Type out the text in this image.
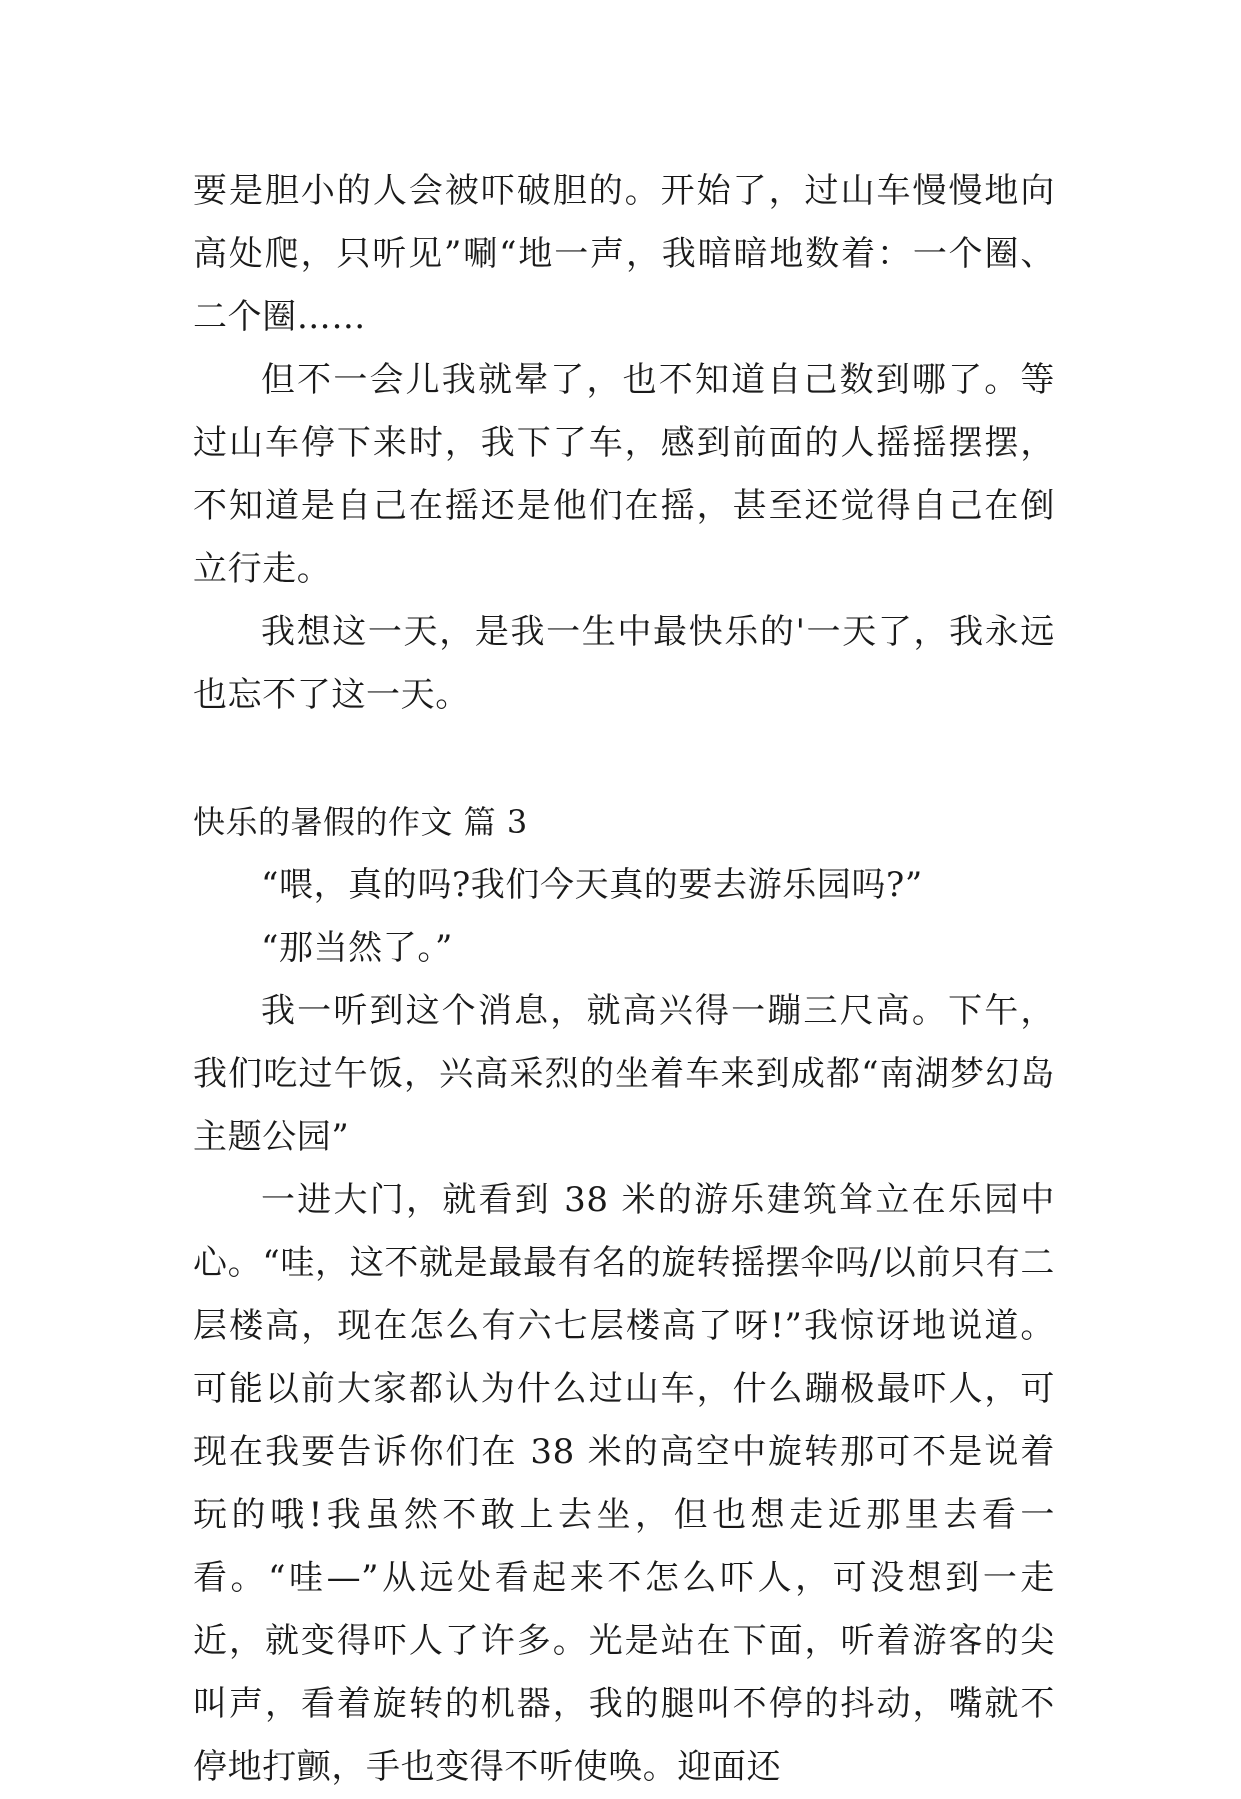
要是胆小的人会被吓破胆的。开始了，过山车慢慢地向高处爬，只听见”唰“地一声，我暗暗地数着：一个圈、二个圈……

但不一会儿我就晕了，也不知道自己数到哪了。等过山车停下来时，我下了车，感到前面的人摇摇摆摆，不知道是自己在摇还是他们在摇，甚至还觉得自己在倒立行走。

我想这一天，是我一生中最快乐的'一天了，我永远也忘不了这一天。

快乐的暑假的作文 篇 3

“喂，真的吗?我们今天真的要去游乐园吗?”

“那当然了。”

我一听到这个消息，就高兴得一蹦三尺高。下午，我们吃过午饭，兴高采烈的坐着车来到成都“南湖梦幻岛主题公园”

一进大门，就看到 38 米的游乐建筑耸立在乐园中心。“哇，这不就是最最有名的旋转摇摆伞吗/以前只有二层楼高，现在怎么有六七层楼高了呀!”我惊讶地说道。可能以前大家都认为什么过山车，什么蹦极最吓人，可现在我要告诉你们在 38 米的高空中旋转那可不是说着玩的哦!我虽然不敢上去坐，但也想走近那里去看一看。“哇—”从远处看起来不怎么吓人，可没想到一走近，就变得吓人了许多。光是站在下面，听着游客的尖叫声，看着旋转的机器，我的腿叫不停的抖动，嘴就不停地打颤，手也变得不听使唤。迎面还
